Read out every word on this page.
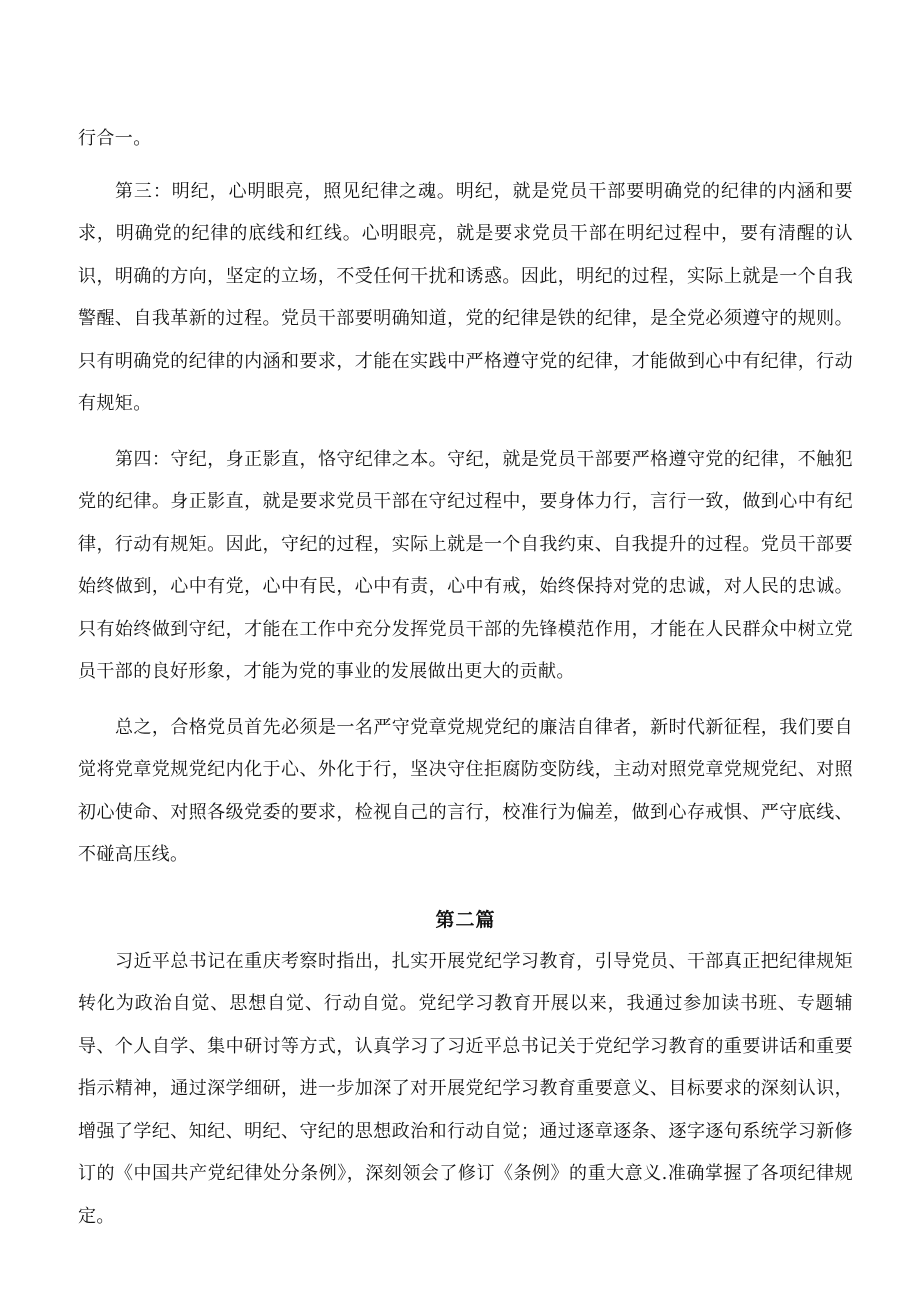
行合一。

第三：明纪，心明眼亮，照见纪律之魂。明纪，就是党员干部要明确党的纪律的内涵和要求，明确党的纪律的底线和红线。心明眼亮，就是要求党员干部在明纪过程中，要有清醒的认识，明确的方向，坚定的立场，不受任何干扰和诱惑。因此，明纪的过程，实际上就是一个自我警醒、自我革新的过程。党员干部要明确知道，党的纪律是铁的纪律，是全党必须遵守的规则。只有明确党的纪律的内涵和要求，才能在实践中严格遵守党的纪律，才能做到心中有纪律，行动有规矩。

第四：守纪，身正影直，恪守纪律之本。守纪，就是党员干部要严格遵守党的纪律，不触犯党的纪律。身正影直，就是要求党员干部在守纪过程中，要身体力行，言行一致，做到心中有纪律，行动有规矩。因此，守纪的过程，实际上就是一个自我约束、自我提升的过程。党员干部要始终做到，心中有党，心中有民，心中有责，心中有戒，始终保持对党的忠诚，对人民的忠诚。只有始终做到守纪，才能在工作中充分发挥党员干部的先锋模范作用，才能在人民群众中树立党员干部的良好形象，才能为党的事业的发展做出更大的贡献。

总之，合格党员首先必须是一名严守党章党规党纪的廉洁自律者，新时代新征程，我们要自觉将党章党规党纪内化于心、外化于行，坚决守住拒腐防变防线，主动对照党章党规党纪、对照初心使命、对照各级党委的要求，检视自己的言行，校准行为偏差，做到心存戒惧、严守底线、不碰高压线。

第二篇

习近平总书记在重庆考察时指出，扎实开展党纪学习教育，引导党员、干部真正把纪律规矩转化为政治自觉、思想自觉、行动自觉。党纪学习教育开展以来，我通过参加读书班、专题辅导、个人自学、集中研讨等方式，认真学习了习近平总书记关于党纪学习教育的重要讲话和重要指示精神，通过深学细研，进一步加深了对开展党纪学习教育重要意义、目标要求的深刻认识，增强了学纪、知纪、明纪、守纪的思想政治和行动自觉；通过逐章逐条、逐字逐句系统学习新修订的《中国共产党纪律处分条例》，深刻领会了修订《条例》的重大意义.准确掌握了各项纪律规定。
